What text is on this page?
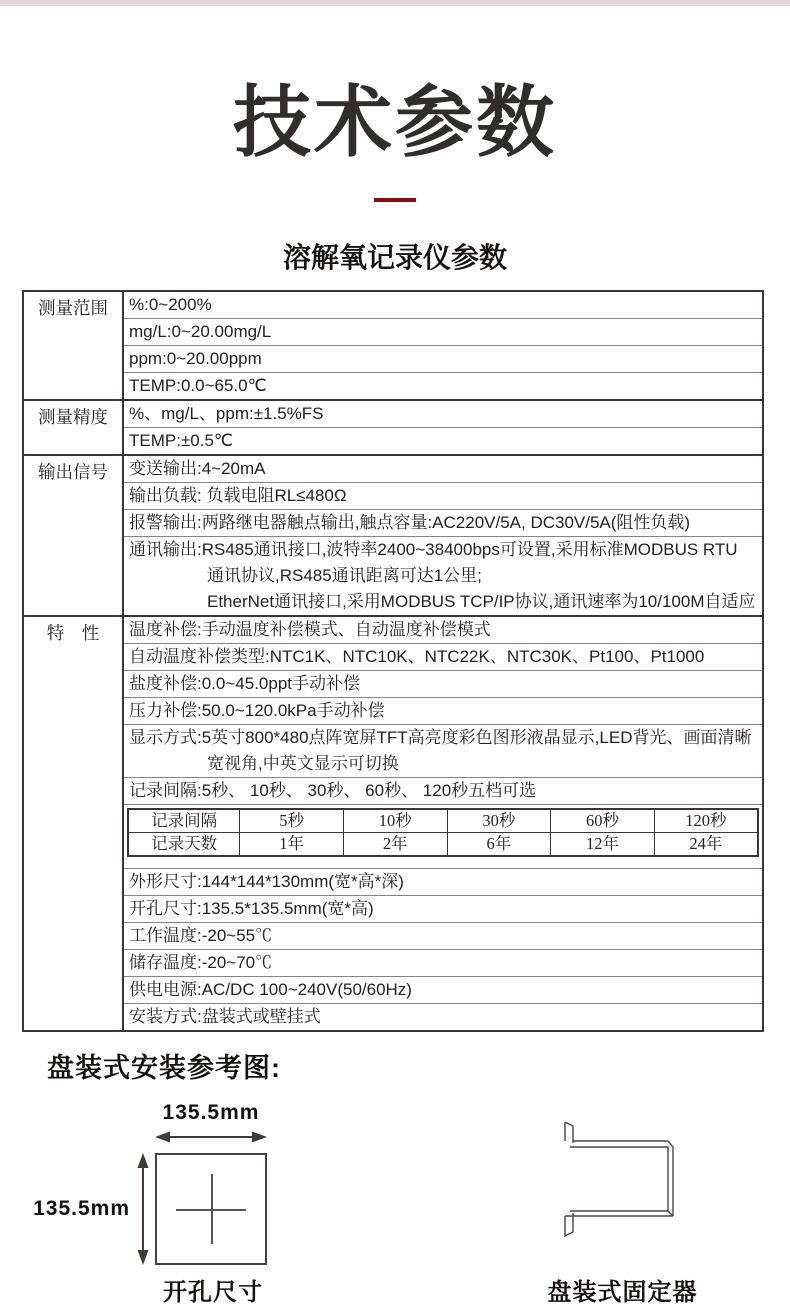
技术参数
溶解氧记录仪参数
测量范围	%:0~200%
mg/L:0~20.00mg/L
ppm:0~20.00ppm
TEMP:0.0~65.0℃
测量精度	%、mg/L、ppm:±1.5%FS
TEMP:±0.5℃
输出信号	变送输出:4~20mA
输出负载: 负载电阻RL≤480Ω
报警输出:两路继电器触点输出,触点容量:AC220V/5A, DC30V/5A(阻性负载)
通讯输出:RS485通讯接口,波特率2400~38400bps可设置,采用标准MODBUS RTU
通讯协议,RS485通讯距离可达1公里;
EtherNet通讯接口,采用MODBUS TCP/IP协议,通讯速率为10/100M自适应
特　性	温度补偿:手动温度补偿模式、自动温度补偿模式
自动温度补偿类型:NTC1K、NTC10K、NTC22K、NTC30K、Pt100、Pt1000
盐度补偿:0.0~45.0ppt手动补偿
压力补偿:50.0~120.0kPa手动补偿
显示方式:5英寸800*480点阵宽屏TFT高亮度彩色图形液晶显示,LED背光、画面清晰
宽视角,中英文显示可切换
记录间隔:5秒、 10秒、 30秒、 60秒、 120秒五档可选
记录间隔	5秒	10秒	30秒	60秒	120秒
记录天数	1年	2年	6年	12年	24年
外形尺寸:144*144*130mm(宽*高*深)
开孔尺寸:135.5*135.5mm(宽*高)
工作温度:-20~55℃
储存温度:-20~70℃
供电电源:AC/DC 100~240V(50/60Hz)
安装方式:盘装式或壁挂式
盘装式安装参考图:
135.5mm
135.5mm
开孔尺寸	盘装式固定器
